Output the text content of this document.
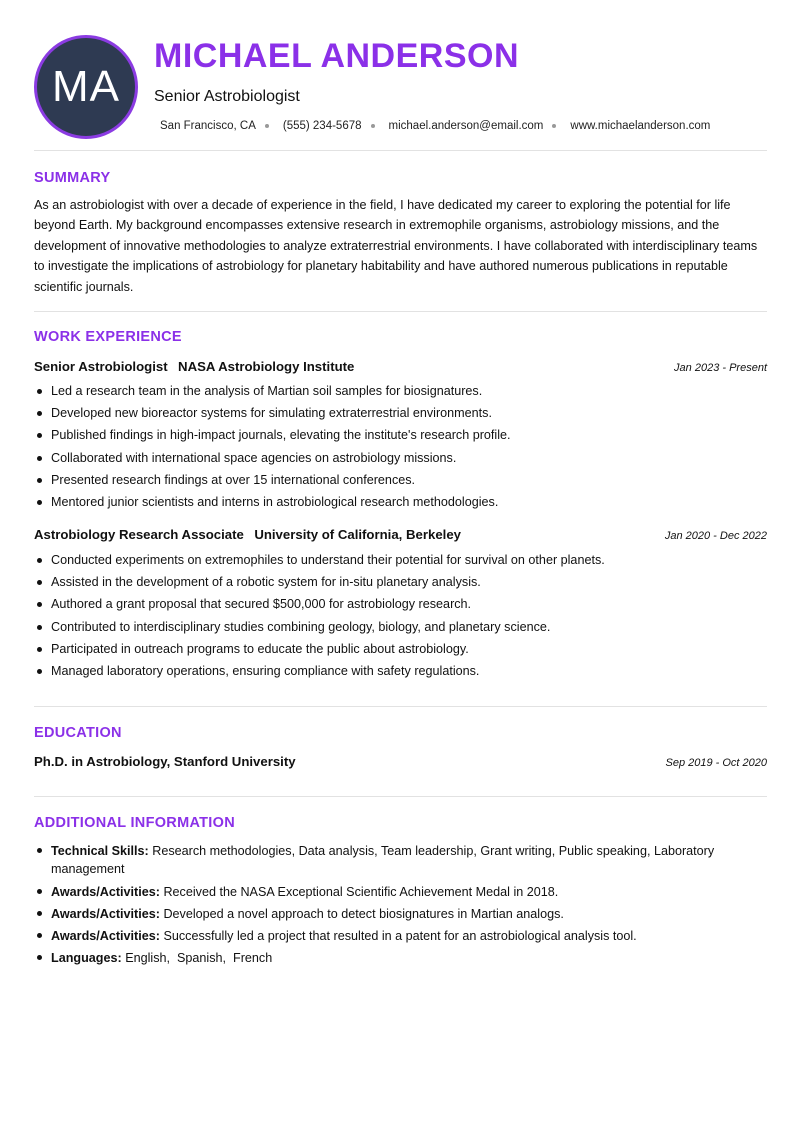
MA
MICHAEL ANDERSON
Senior Astrobiologist
San Francisco, CA (555) 234-5678 michael.anderson@email.com www.michaelanderson.com
SUMMARY

As an astrobiologist with over a decade of experience in the field, I have dedicated my career to exploring the potential for life beyond Earth. My background encompasses extensive research in extremophile organisms, astrobiology missions, and the development of innovative methodologies to analyze extraterrestrial environments. I have collaborated with interdisciplinary teams to investigate the implications of astrobiology for planetary habitability and have authored numerous publications in reputable scientific journals.

WORK EXPERIENCE
Senior Astrobiologist NASA Astrobiology Institute	Jan 2023 - Present
Led a research team in the analysis of Martian soil samples for biosignatures.
Developed new bioreactor systems for simulating extraterrestrial environments.
Published findings in high-impact journals, elevating the institute's research profile.
Collaborated with international space agencies on astrobiology missions.
Presented research findings at over 15 international conferences.
Mentored junior scientists and interns in astrobiological research methodologies.
Astrobiology Research Associate University of California, Berkeley	Jan 2020 - Dec 2022
Conducted experiments on extremophiles to understand their potential for survival on other planets.
Assisted in the development of a robotic system for in-situ planetary analysis.
Authored a grant proposal that secured $500,000 for astrobiology research.
Contributed to interdisciplinary studies combining geology, biology, and planetary science.
Participated in outreach programs to educate the public about astrobiology.
Managed laboratory operations, ensuring compliance with safety regulations.
EDUCATION
Ph.D. in Astrobiology, Stanford University	Sep 2019 - Oct 2020
ADDITIONAL INFORMATION
Technical Skills: Research methodologies, Data analysis, Team leadership, Grant writing, Public speaking, Laboratory management
Awards/Activities: Received the NASA Exceptional Scientific Achievement Medal in 2018.
Awards/Activities: Developed a novel approach to detect biosignatures in Martian analogs.
Awards/Activities: Successfully led a project that resulted in a patent for an astrobiological analysis tool.
Languages: English,  Spanish,  French
